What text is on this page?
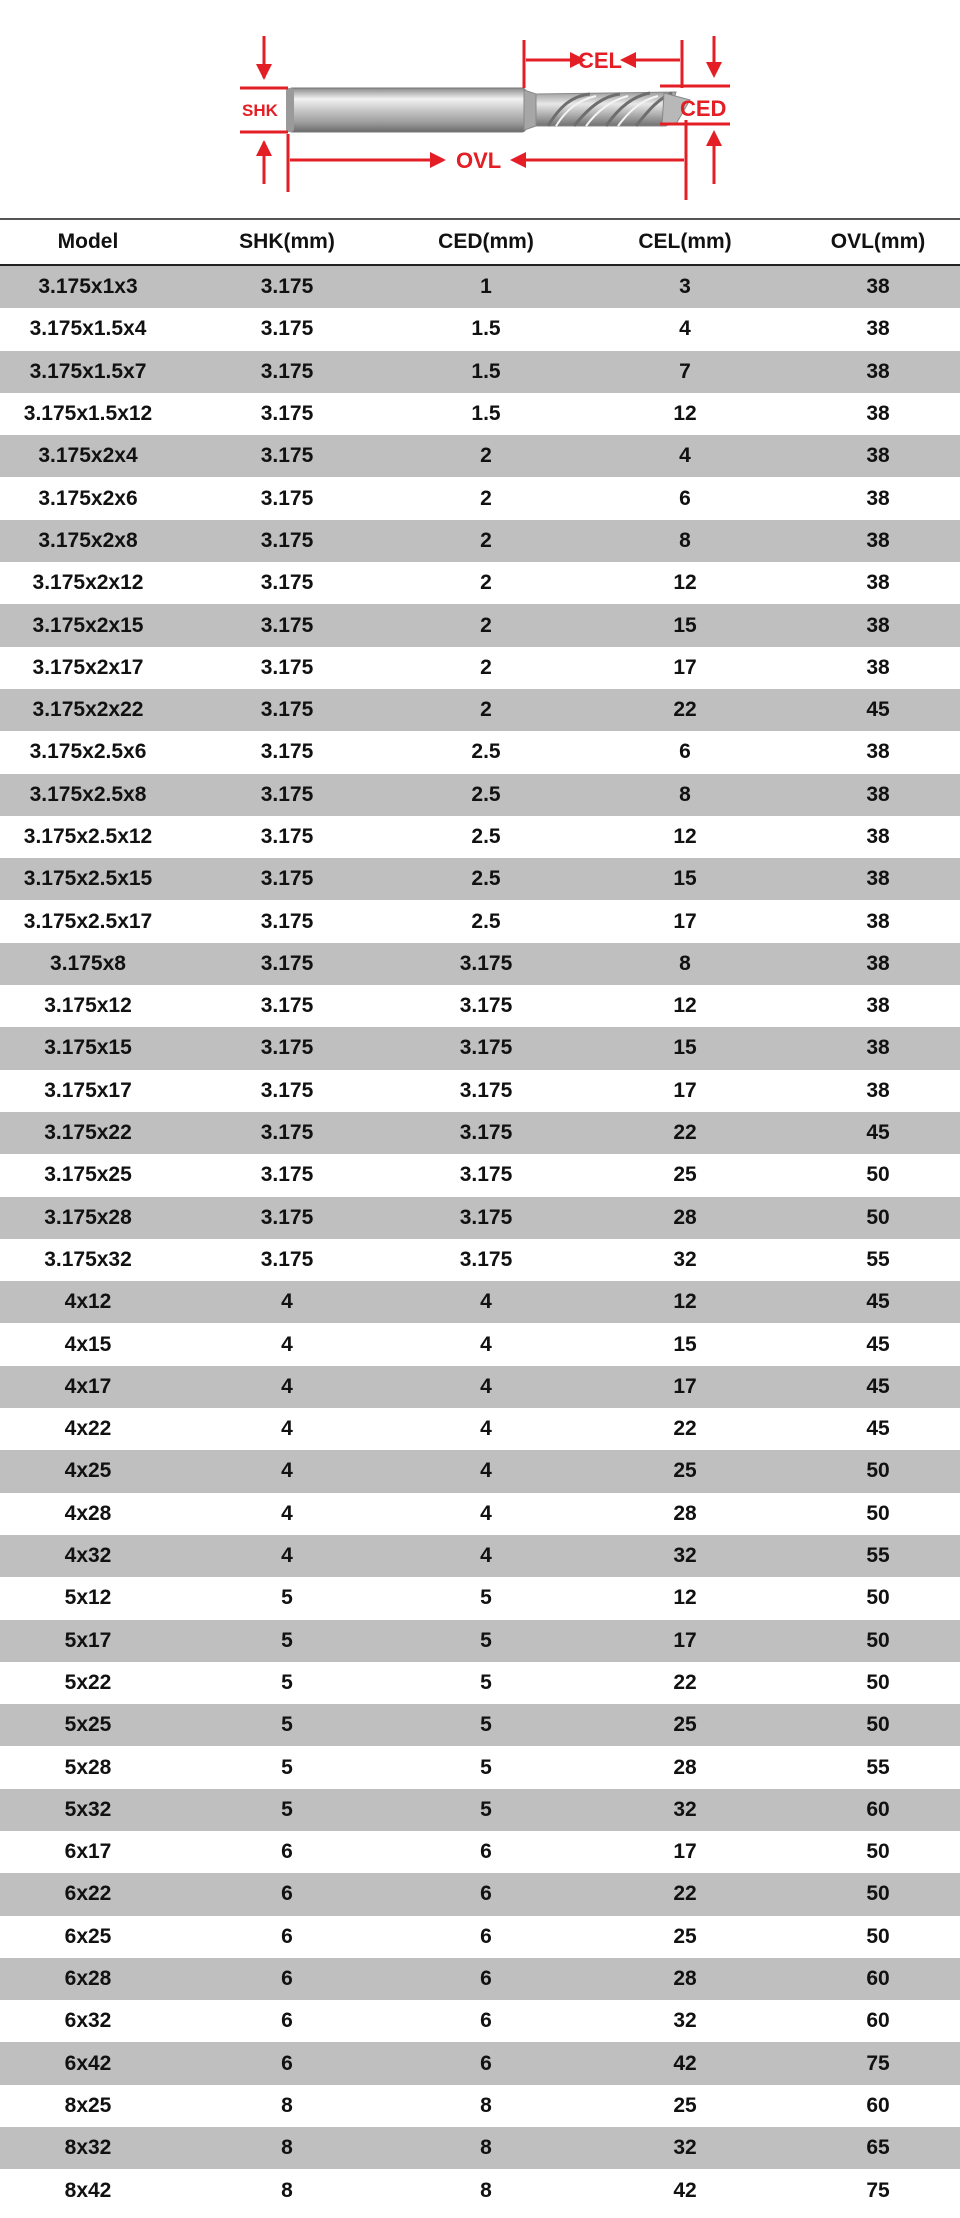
SHK
CEL
CED
OVL
Model	SHK(mm)	CED(mm)	CEL(mm)	OVL(mm)
3.175x1x3	3.175	1	3	38
3.175x1.5x4	3.175	1.5	4	38
3.175x1.5x7	3.175	1.5	7	38
3.175x1.5x12	3.175	1.5	12	38
3.175x2x4	3.175	2	4	38
3.175x2x6	3.175	2	6	38
3.175x2x8	3.175	2	8	38
3.175x2x12	3.175	2	12	38
3.175x2x15	3.175	2	15	38
3.175x2x17	3.175	2	17	38
3.175x2x22	3.175	2	22	45
3.175x2.5x6	3.175	2.5	6	38
3.175x2.5x8	3.175	2.5	8	38
3.175x2.5x12	3.175	2.5	12	38
3.175x2.5x15	3.175	2.5	15	38
3.175x2.5x17	3.175	2.5	17	38
3.175x8	3.175	3.175	8	38
3.175x12	3.175	3.175	12	38
3.175x15	3.175	3.175	15	38
3.175x17	3.175	3.175	17	38
3.175x22	3.175	3.175	22	45
3.175x25	3.175	3.175	25	50
3.175x28	3.175	3.175	28	50
3.175x32	3.175	3.175	32	55
4x12	4	4	12	45
4x15	4	4	15	45
4x17	4	4	17	45
4x22	4	4	22	45
4x25	4	4	25	50
4x28	4	4	28	50
4x32	4	4	32	55
5x12	5	5	12	50
5x17	5	5	17	50
5x22	5	5	22	50
5x25	5	5	25	50
5x28	5	5	28	55
5x32	5	5	32	60
6x17	6	6	17	50
6x22	6	6	22	50
6x25	6	6	25	50
6x28	6	6	28	60
6x32	6	6	32	60
6x42	6	6	42	75
8x25	8	8	25	60
8x32	8	8	32	65
8x42	8	8	42	75
